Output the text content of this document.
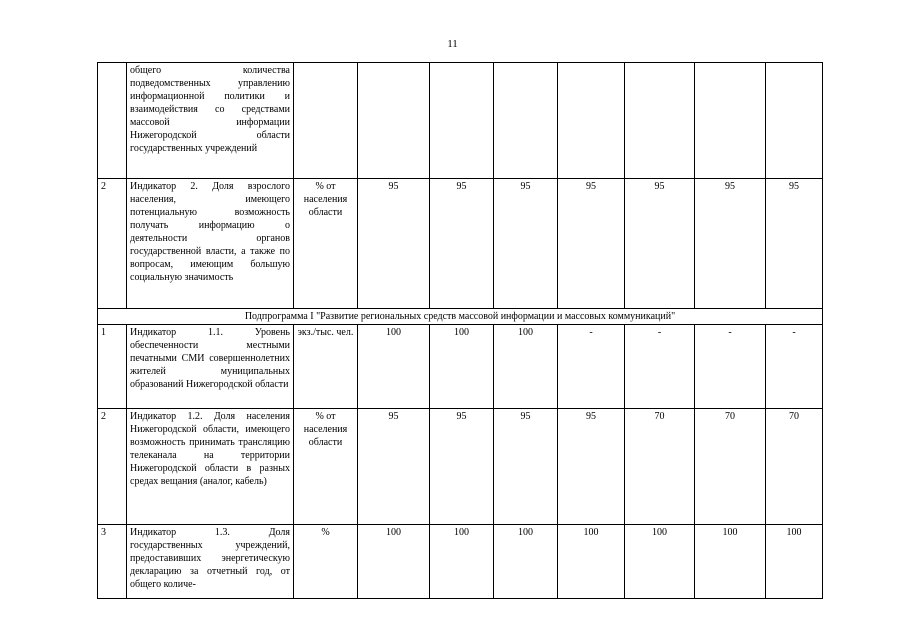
11
	общего количества подведомственных управлению информационной политики и взаимодействия со средствами массовой информации Нижегородской области государственных учреждений								
2	Индикатор 2. Доля взрослого населения, имеющего потенциальную возможность получать информацию о деятельности органов государственной власти, а также по вопросам, имеющим большую социальную значимость	% от населения области	95	95	95	95	95	95	95
Подпрограмма I "Развитие региональных средств массовой информации и массовых коммуникаций"									
1	Индикатор 1.1. Уровень обеспеченности местными печатными СМИ совершеннолетних жителей муниципальных образований Нижегородской области	экз./тыс. чел.	100	100	100	-	-	-	-
2	Индикатор 1.2. Доля населения Нижегородской области, имеющего возможность принимать трансляцию телеканала на территории Нижегородской области в разных средах вещания (аналог, кабель)	% от населения области	95	95	95	95	70	70	70
3	Индикатор 1.3. Доля государственных учреждений, предоставивших энергетическую декларацию за отчетный год, от общего количе-	%	100	100	100	100	100	100	100
